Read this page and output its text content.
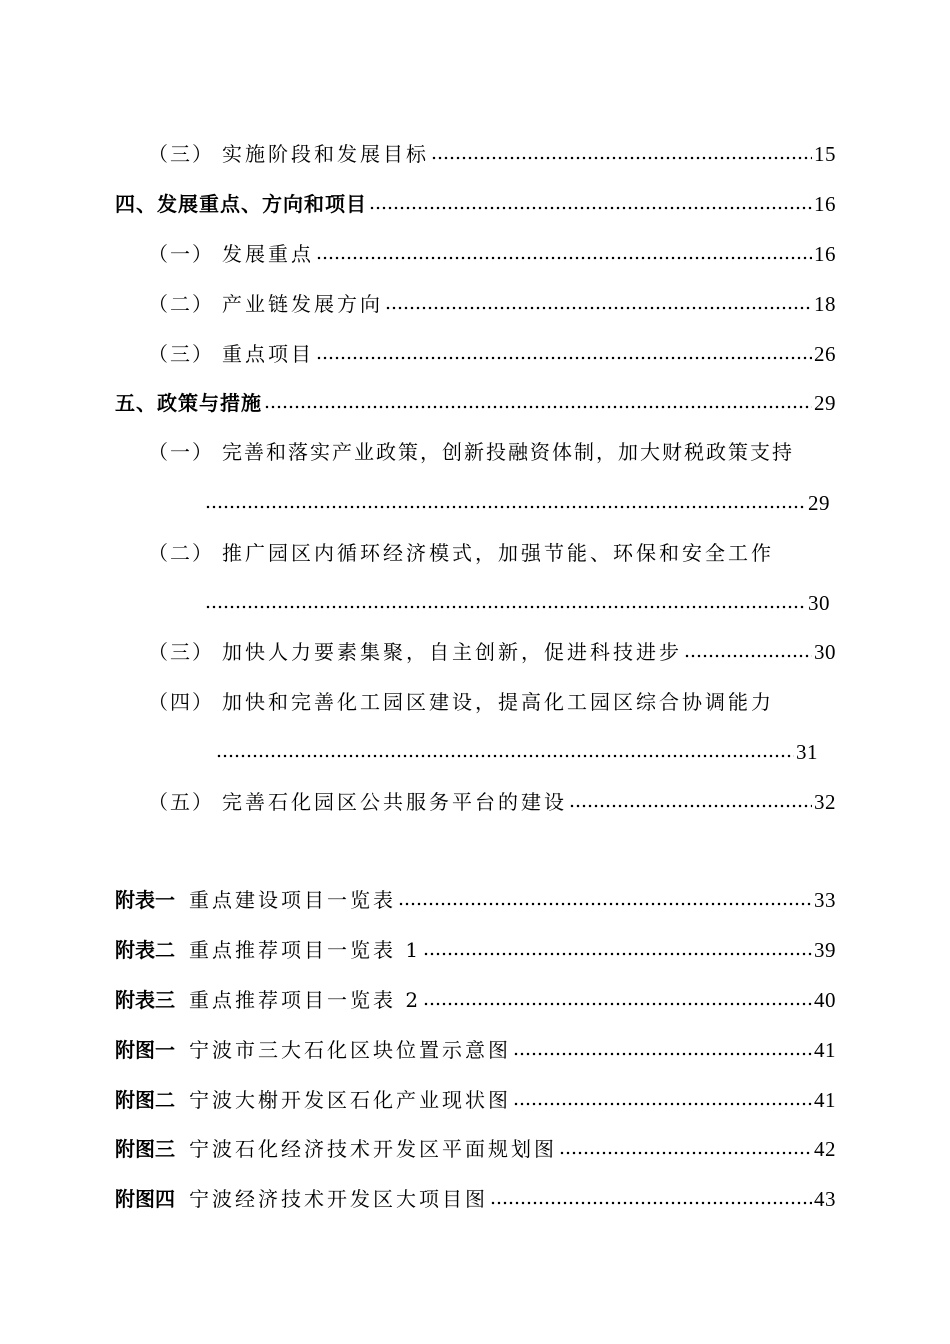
（三） 实施阶段和发展目标	15
四、发展重点、方向和项目	16
（一） 发展重点	16
（二） 产业链发展方向	18
（三） 重点项目	26
五、政策与措施	29
（一） 完善和落实产业政策，创新投融资体制，加大财税政策支持
29
（二） 推广园区内循环经济模式，加强节能、环保和安全工作
30
（三） 加快人力要素集聚，自主创新，促进科技进步	30
（四） 加快和完善化工园区建设，提高化工园区综合协调能力
31
（五） 完善石化园区公共服务平台的建设	32
附表一 重点建设项目一览表	33
附表二 重点推荐项目一览表 1	39
附表三 重点推荐项目一览表 2	40
附图一 宁波市三大石化区块位置示意图	41
附图二 宁波大榭开发区石化产业现状图	41
附图三 宁波石化经济技术开发区平面规划图	42
附图四 宁波经济技术开发区大项目图	43
